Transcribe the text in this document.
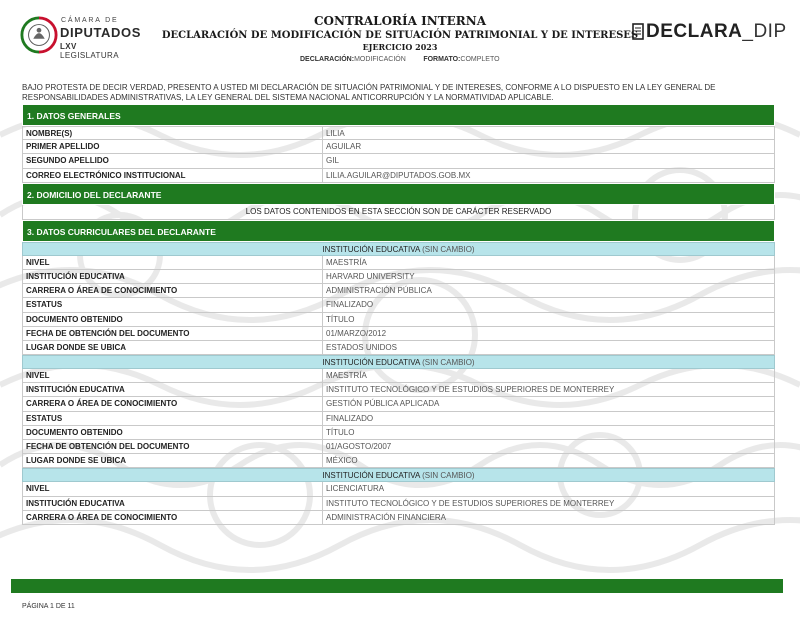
CÁMARA DE
DIPUTADOS
LXV LEGISLATURA
CONTRALORÍA INTERNA
DECLARACIÓN DE MODIFICACIÓN DE SITUACIÓN PATRIMONIAL Y DE INTERESES
EJERCICIO 2023
DECLARACIÓN:MODIFICACIÓN	FORMATO:COMPLETO
DECLARA_DIP
BAJO PROTESTA DE DECIR VERDAD, PRESENTO A USTED MI DECLARACIÓN DE SITUACIÓN PATRIMONIAL Y DE INTERESES, CONFORME A LO DISPUESTO EN LA LEY GENERAL DE RESPONSABILIDADES ADMINISTRATIVAS, LA LEY GENERAL DEL SISTEMA NACIONAL ANTICORRUPCIÓN Y LA NORMATIVIDAD APLICABLE.
1. DATOS GENERALES
NOMBRE(S)	LILIA
PRIMER APELLIDO	AGUILAR
SEGUNDO APELLIDO	GIL
CORREO ELECTRÓNICO INSTITUCIONAL	LILIA.AGUILAR@DIPUTADOS.GOB.MX
2. DOMICILIO DEL DECLARANTE
LOS DATOS CONTENIDOS EN ESTA SECCIÓN SON DE CARÁCTER RESERVADO
3. DATOS CURRICULARES DEL DECLARANTE
INSTITUCIÓN EDUCATIVA (SIN CAMBIO)
NIVEL	MAESTRÍA
INSTITUCIÓN EDUCATIVA	HARVARD UNIVERSITY
CARRERA O ÁREA DE CONOCIMIENTO	ADMINISTRACIÓN PÚBLICA
ESTATUS	FINALIZADO
DOCUMENTO OBTENIDO	TÍTULO
FECHA DE OBTENCIÓN DEL DOCUMENTO	01/MARZO/2012
LUGAR DONDE SE UBICA	ESTADOS UNIDOS
INSTITUCIÓN EDUCATIVA (SIN CAMBIO)
NIVEL	MAESTRÍA
INSTITUCIÓN EDUCATIVA	INSTITUTO TECNOLÓGICO Y DE ESTUDIOS SUPERIORES DE MONTERREY
CARRERA O ÁREA DE CONOCIMIENTO	GESTIÓN PÚBLICA APLICADA
ESTATUS	FINALIZADO
DOCUMENTO OBTENIDO	TÍTULO
FECHA DE OBTENCIÓN DEL DOCUMENTO	01/AGOSTO/2007
LUGAR DONDE SE UBICA	MÉXICO
INSTITUCIÓN EDUCATIVA (SIN CAMBIO)
NIVEL	LICENCIATURA
INSTITUCIÓN EDUCATIVA	INSTITUTO TECNOLÓGICO Y DE ESTUDIOS SUPERIORES DE MONTERREY
CARRERA O ÁREA DE CONOCIMIENTO	ADMINISTRACIÓN FINANCIERA
PÁGINA 1 DE 11
